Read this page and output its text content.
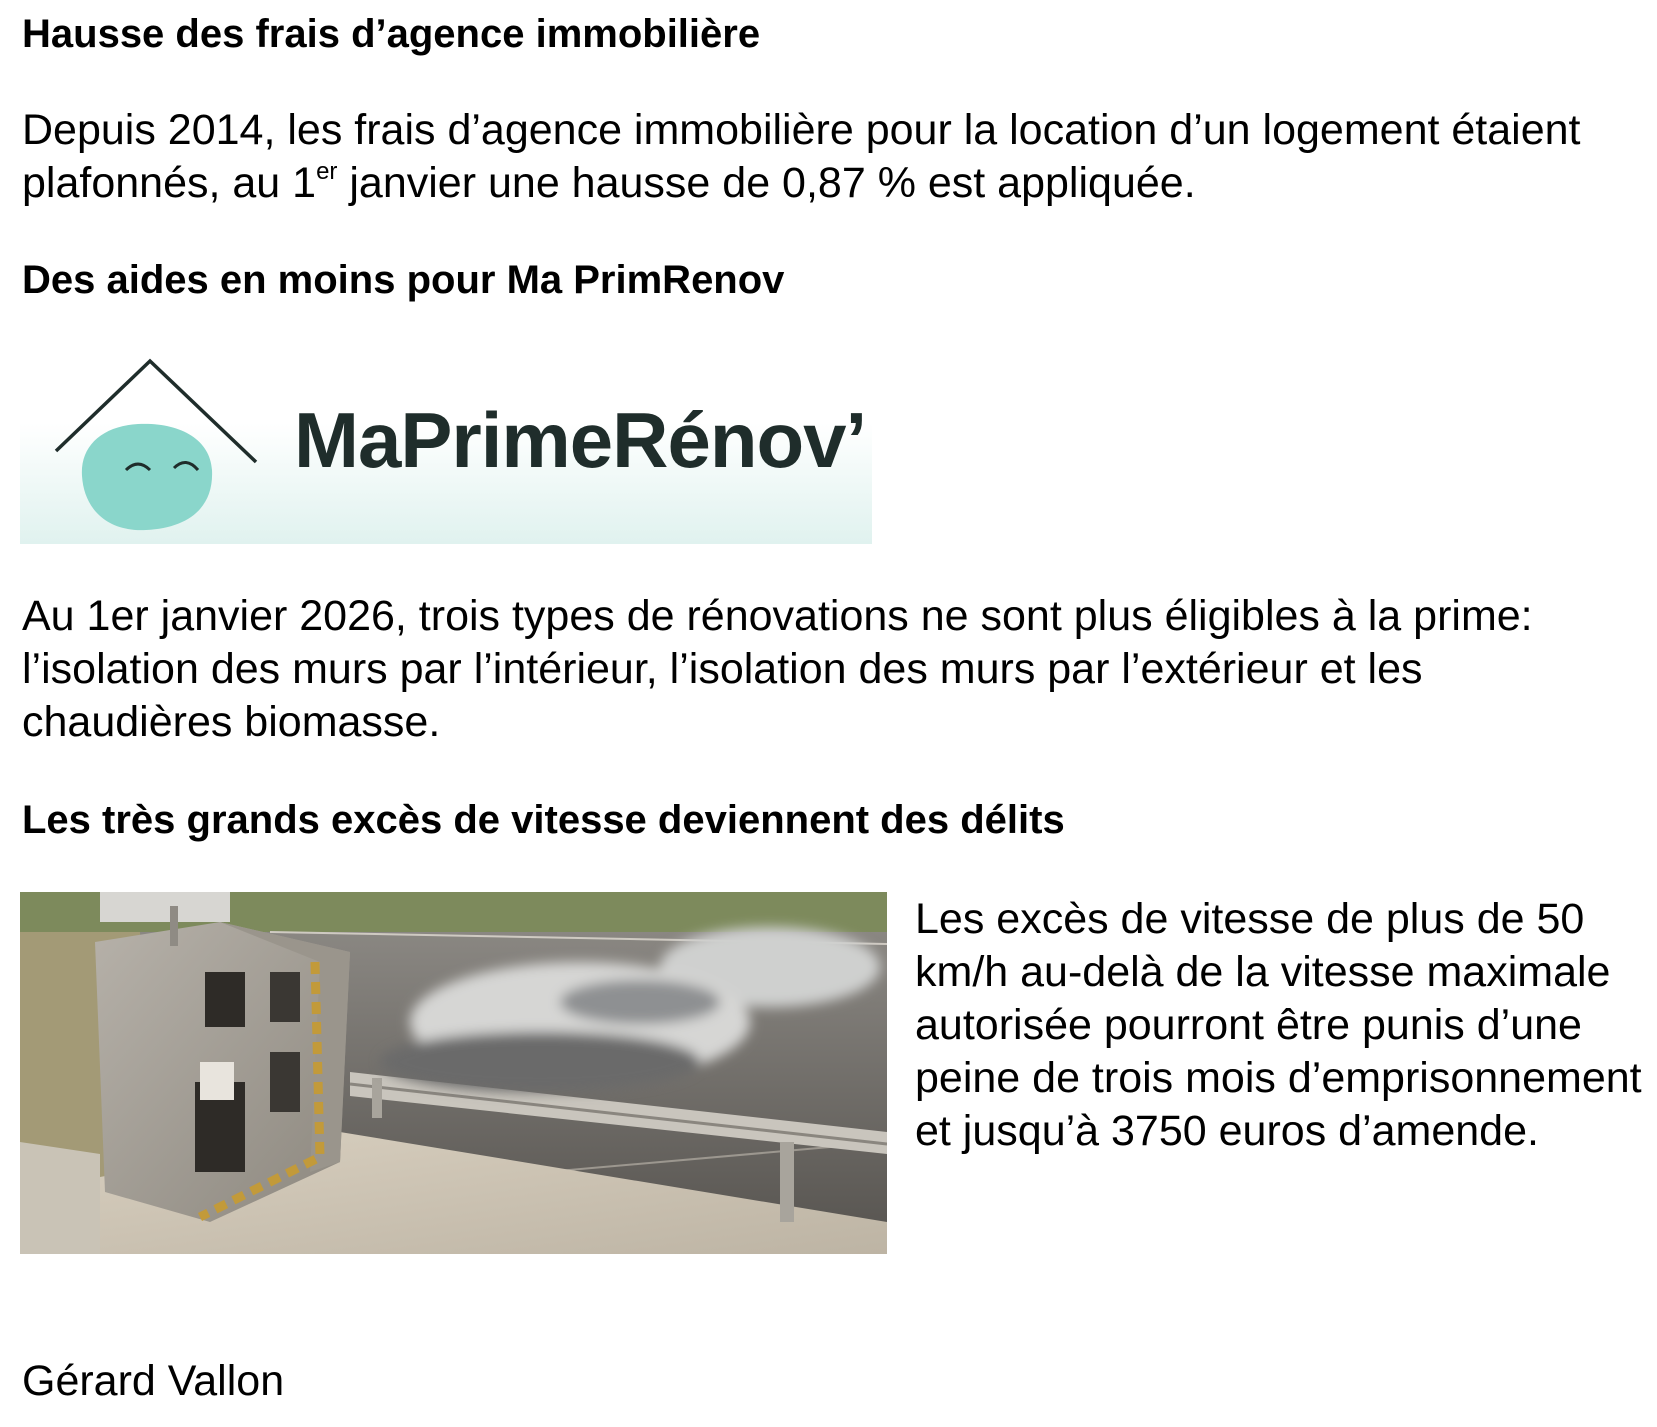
Hausse des frais d’agence immobilière

Depuis 2014, les frais d’agence immobilière pour la location d’un logement étaient plafonnés, au 1er janvier une hausse de 0,87 % est appliquée.

Des aides en moins pour Ma PrimRenov
MaPrimeRénov’

Au 1er janvier 2026, trois types de rénovations ne sont plus éligibles à la prime: l’isolation des murs par l’intérieur, l’isolation des murs par l’extérieur et les chaudières biomasse.

Les très grands excès de vitesse deviennent des délits

Les excès de vitesse de plus de 50 km/h au-delà de la vitesse maximale autorisée pourront être punis d’une peine de trois mois d’emprisonnement et jusqu’à 3750 euros d’amende.

Gérard Vallon
